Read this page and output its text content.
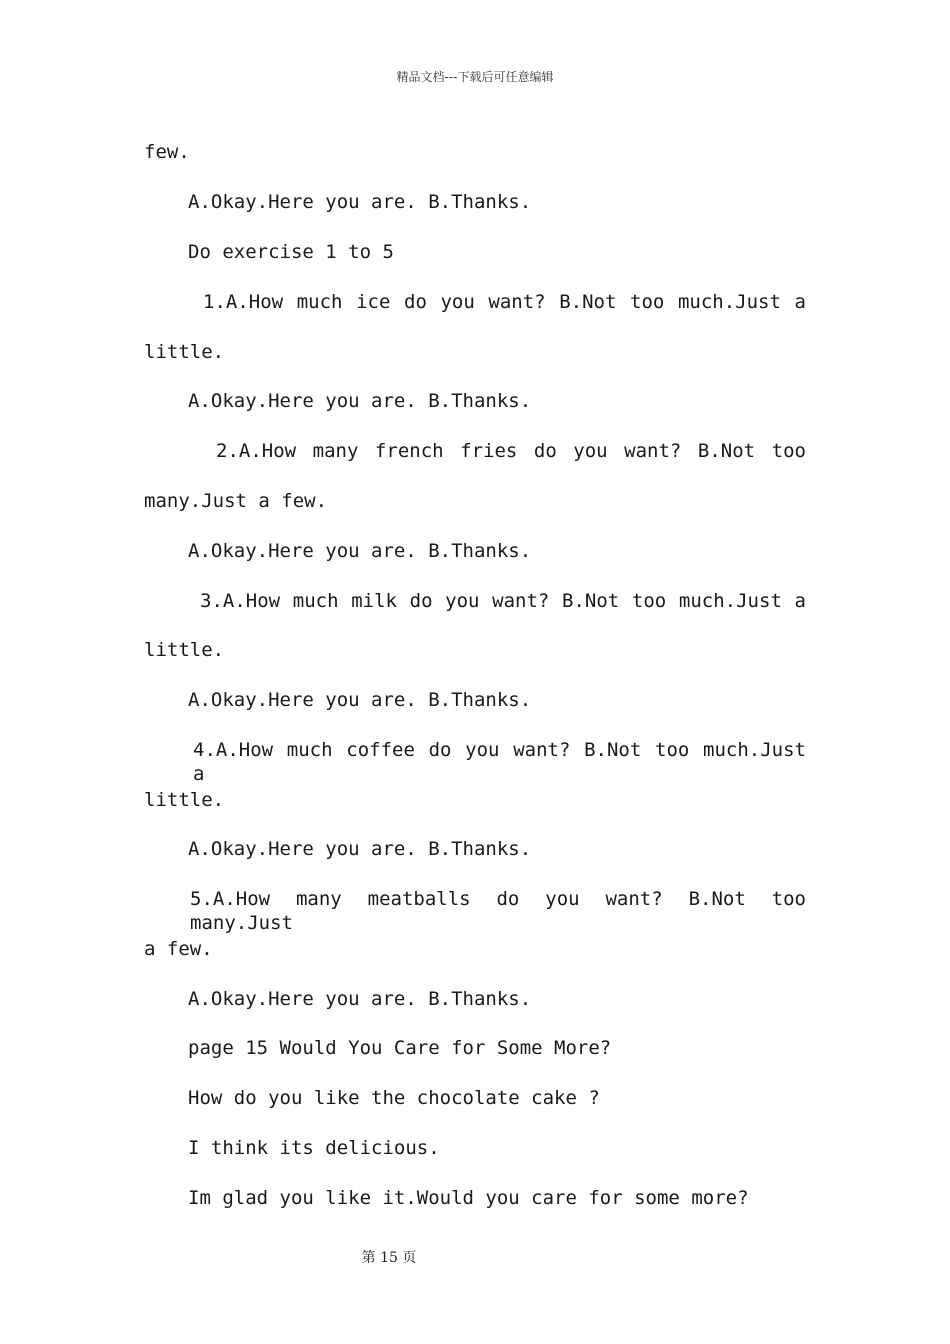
精品文档---下载后可任意编辑
few.
A.Okay.Here you are. B.Thanks.
Do exercise 1 to 5
1.A.How much ice do you want? B.Not too much.Just a
little.
A.Okay.Here you are. B.Thanks.
2.A.How many french fries do you want? B.Not too
many.Just a few.
A.Okay.Here you are. B.Thanks.
3.A.How much milk do you want? B.Not too much.Just a
little.
A.Okay.Here you are. B.Thanks.
4.A.How much coffee do you want? B.Not too much.Just a
little.
A.Okay.Here you are. B.Thanks.
5.A.How many meatballs do you want? B.Not too many.Just
a few.
A.Okay.Here you are. B.Thanks.
page 15 Would You Care for Some More?
How do you like the chocolate cake ?
I think its delicious.
Im glad you like it.Would you care for some more?
第 15 页
